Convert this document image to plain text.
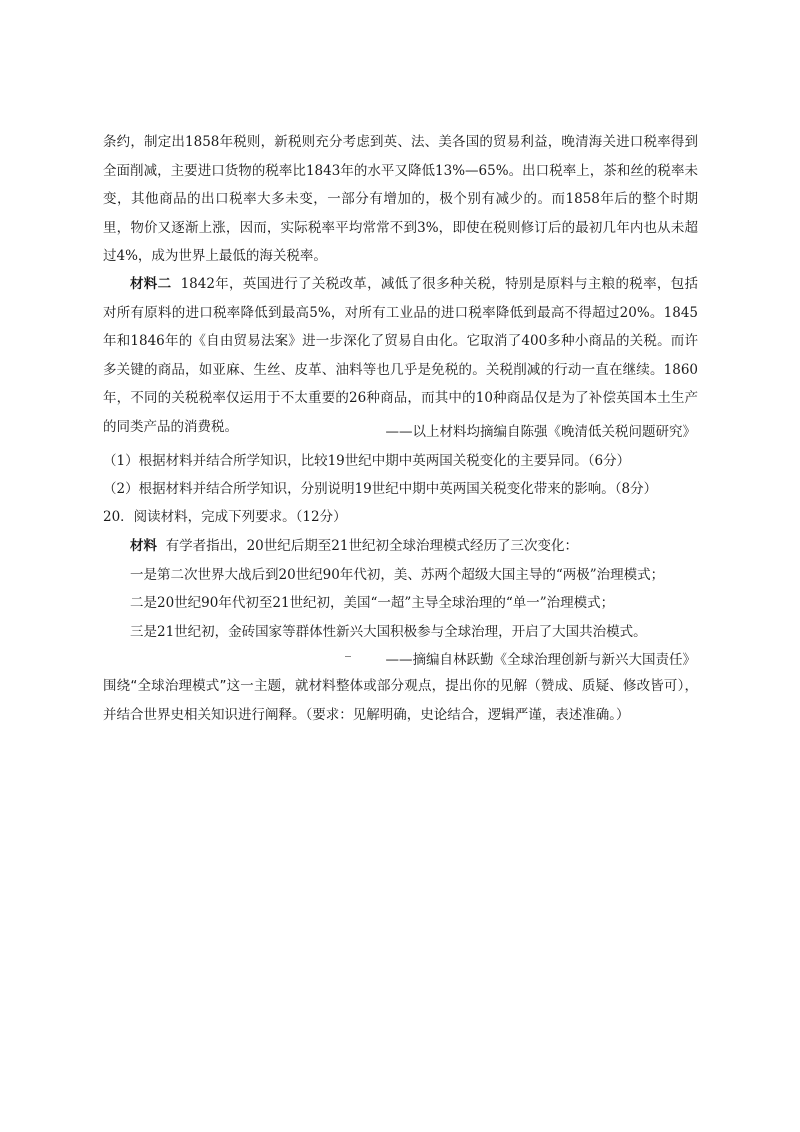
条约，制定出1858年税则，新税则充分考虑到英、法、美各国的贸易利益，晚清海关进口税率得到全面削减，主要进口货物的税率比1843年的水平又降低13%—65%。出口税率上，茶和丝的税率未变，其他商品的出口税率大多未变，一部分有增加的，极个别有减少的。而1858年后的整个时期里，物价又逐渐上涨，因而，实际税率平均常常不到3%，即使在税则修订后的最初几年内也从未超过4%，成为世界上最低的海关税率。

材料二 1842年，英国进行了关税改革，减低了很多种关税，特别是原料与主粮的税率，包括对所有原料的进口税率降低到最高5%，对所有工业品的进口税率降低到最高不得超过20%。1845年和1846年的《自由贸易法案》进一步深化了贸易自由化。它取消了400多种小商品的关税。而许多关键的商品，如亚麻、生丝、皮革、油料等也几乎是免税的。关税削减的行动一直在继续。1860年，不同的关税税率仅运用于不太重要的26种商品，而其中的10种商品仅是为了补偿英国本土生产的同类产品的消费税。	——以上材料均摘编自陈强《晚清低关税问题研究》
（1）根据材料并结合所学知识，比较19世纪中期中英两国关税变化的主要异同。（6分）
（2）根据材料并结合所学知识，分别说明19世纪中期中英两国关税变化带来的影响。（8分）
20．阅读材料，完成下列要求。（12分）
材料 有学者指出，20世纪后期至21世纪初全球治理模式经历了三次变化：
一是第二次世界大战后到20世纪90年代初，美、苏两个超级大国主导的“两极”治理模式；
二是20世纪90年代初至21世纪初，美国“一超”主导全球治理的“单一”治理模式；
三是21世纪初，金砖国家等群体性新兴大国积极参与全球治理，开启了大国共治模式。
——摘编自林跃勤《全球治理创新与新兴大国责任》

围绕“全球治理模式”这一主题，就材料整体或部分观点，提出你的见解（赞成、质疑、修改皆可），并结合世界史相关知识进行阐释。（要求：见解明确，史论结合，逻辑严谨，表述准确。）
